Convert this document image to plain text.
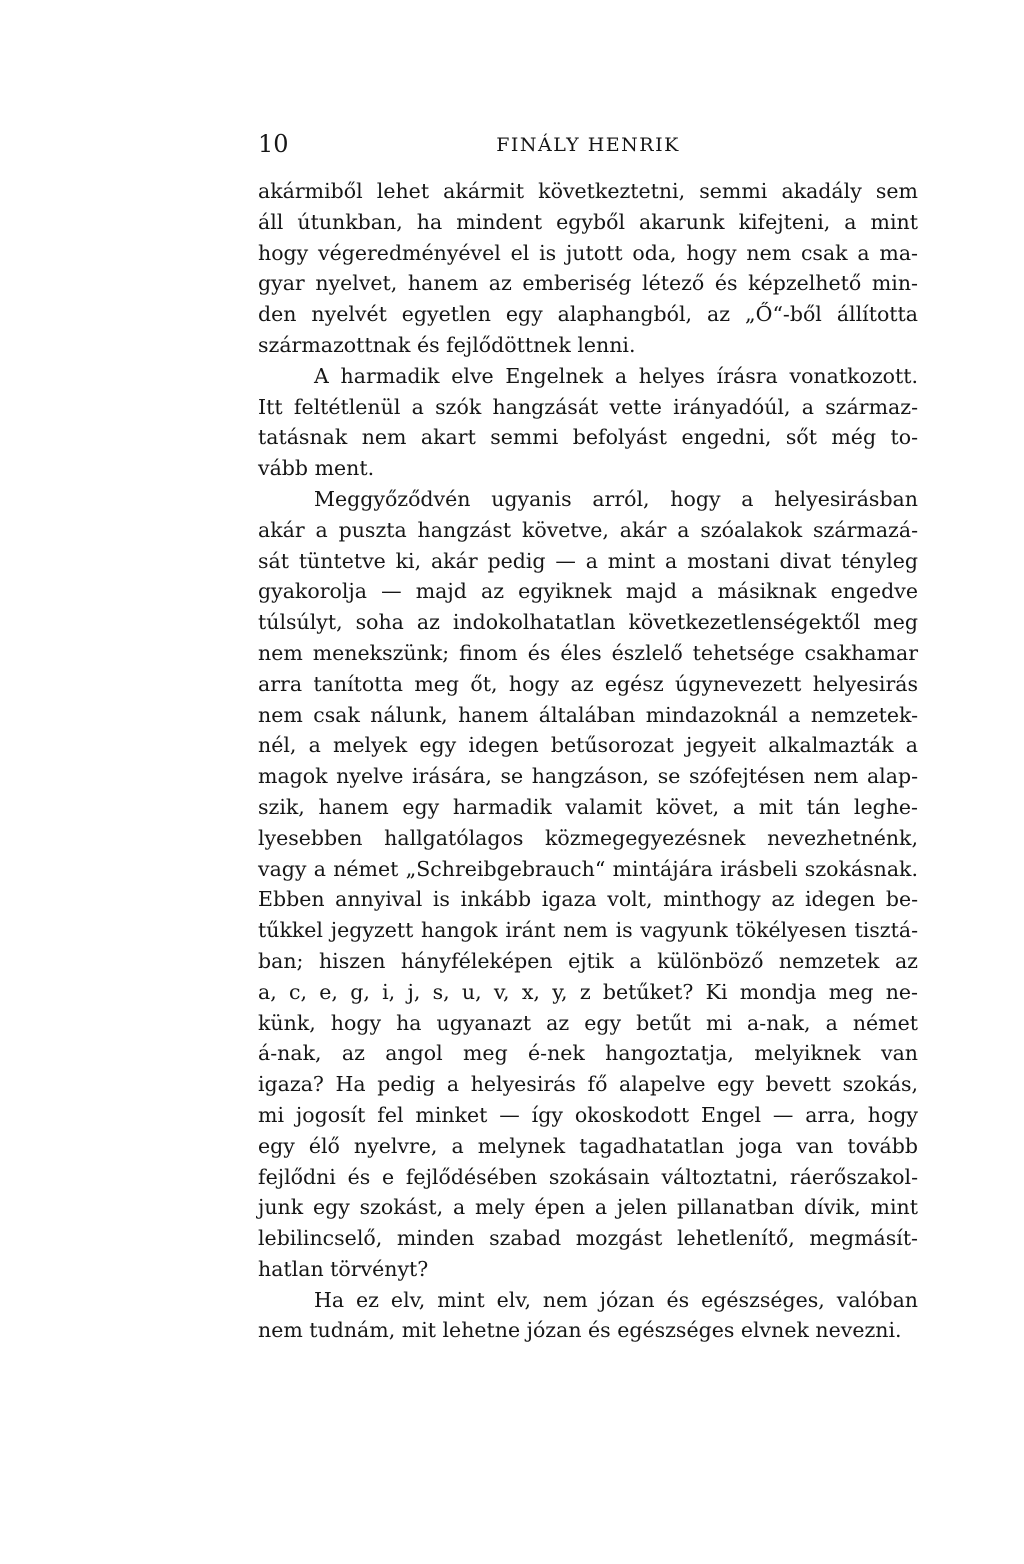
10	FINÁLY HENRIK
akármiből lehet akármit következtetni, semmi akadály sem
áll útunkban, ha mindent egyből akarunk kifejteni, a mint
hogy végeredményével el is jutott oda, hogy nem csak a ma-
gyar nyelvet, hanem az emberiség létező és képzelhető min-
den nyelvét egyetlen egy alaphangból, az „Ő“-ből állította
származottnak és fejlődöttnek lenni.
A harmadik elve Engelnek a helyes írásra vonatkozott.
Itt feltétlenül a szók hangzását vette irányadóúl, a származ-
tatásnak nem akart semmi befolyást engedni, sőt még to-
vább ment.
Meggyőződvén ugyanis arról, hogy a helyesirásban
akár a puszta hangzást követve, akár a szóalakok származá-
sát tüntetve ki, akár pedig — a mint a mostani divat tényleg
gyakorolja — majd az egyiknek majd a másiknak engedve
túlsúlyt, soha az indokolhatatlan következetlenségektől meg
nem menekszünk; finom és éles észlelő tehetsége csakhamar
arra tanította meg őt, hogy az egész úgynevezett helyesirás
nem csak nálunk, hanem általában mindazoknál a nemzetek-
nél, a melyek egy idegen betűsorozat jegyeit alkalmazták a
magok nyelve irására, se hangzáson, se szófejtésen nem alap-
szik, hanem egy harmadik valamit követ, a mit tán leghe-
lyesebben hallgatólagos közmegegyezésnek nevezhetnénk,
vagy a német „Schreibgebrauch“ mintájára irásbeli szokásnak.
Ebben annyival is inkább igaza volt, minthogy az idegen be-
tűkkel jegyzett hangok iránt nem is vagyunk tökélyesen tisztá-
ban; hiszen hányféleképen ejtik a különböző nemzetek az
a, c, e, g, i, j, s, u, v, x, y, z betűket? Ki mondja meg ne-
künk, hogy ha ugyanazt az egy betűt mi a-nak, a német
á-nak, az angol meg é-nek hangoztatja, melyiknek van
igaza? Ha pedig a helyesirás fő alapelve egy bevett szokás,
mi jogosít fel minket — így okoskodott Engel — arra, hogy
egy élő nyelvre, a melynek tagadhatatlan joga van tovább
fejlődni és e fejlődésében szokásain változtatni, ráerőszakol-
junk egy szokást, a mely épen a jelen pillanatban dívik, mint
lebilincselő, minden szabad mozgást lehetlenítő, megmásít-
hatlan törvényt?
Ha ez elv, mint elv, nem józan és egészséges, valóban
nem tudnám, mit lehetne józan és egészséges elvnek nevezni.
